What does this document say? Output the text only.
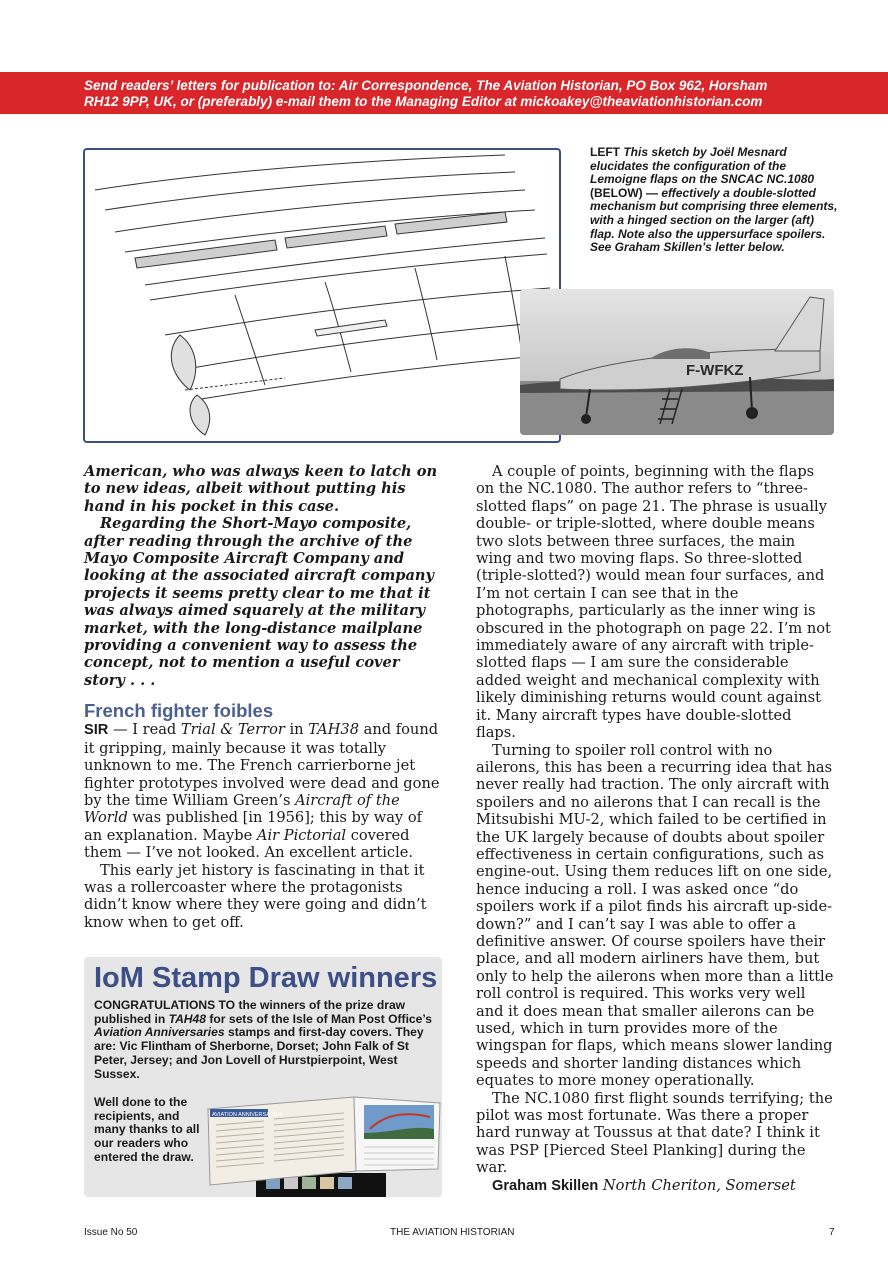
Send readers’ letters for publication to: Air Correspondence, The Aviation Historian, PO Box 962, Horsham
RH12 9PP, UK, or (preferably) e-mail them to the Managing Editor at mickoakey@theaviationhistorian.com
LEFT This sketch by Joël Mesnard elucidates the configuration of the Lemoigne flaps on the SNCAC NC.1080 (BELOW) — effectively a double-slotted mechanism but comprising three elements, with a hinged section on the larger (aft) flap. Note also the uppersurface spoilers. See Graham Skillen’s letter below.
F-WFKZ

American, who was always keen to latch on to new ideas, albeit without putting his hand in his pocket in this case.

Regarding the Short-Mayo composite, after reading through the archive of the Mayo Composite Aircraft Company and looking at the associated aircraft company projects it seems pretty clear to me that it was always aimed squarely at the military market, with the long-distance mailplane providing a convenient way to assess the concept, not to mention a useful cover story . . .

French fighter foibles

SIR — I read Trial & Terror in TAH38 and found it gripping, mainly because it was totally unknown to me. The French carrierborne jet fighter prototypes involved were dead and gone by the time William Green’s Aircraft of the World was published [in 1956]; this by way of an explanation. Maybe Air Pictorial covered them — I’ve not looked. An excellent article.

This early jet history is fascinating in that it was a rollercoaster where the protagonists didn’t know where they were going and didn’t know when to get off.

IoM Stamp Draw winners
CONGRATULATIONS TO the winners of the prize draw published in TAH48 for sets of the Isle of Man Post Office’s Aviation Anniversaries stamps and first-day covers. They are: Vic Flintham of Sherborne, Dorset; John Falk of St Peter, Jersey; and Jon Lovell of Hurstpierpoint, West Sussex.
Well done to the recipients, and many thanks to all our readers who entered the draw.
AVIATION ANNIVERSARIES

A couple of points, beginning with the flaps on the NC.1080. The author refers to “three-slotted flaps” on page 21. The phrase is usually double- or triple-slotted, where double means two slots between three surfaces, the main wing and two moving flaps. So three-slotted (triple-slotted?) would mean four surfaces, and I’m not certain I can see that in the photographs, particularly as the inner wing is obscured in the photograph on page 22. I’m not immediately aware of any aircraft with triple-slotted flaps — I am sure the considerable added weight and mechanical complexity with likely diminishing returns would count against it. Many aircraft types have double-slotted flaps.

Turning to spoiler roll control with no ailerons, this has been a recurring idea that has never really had traction. The only aircraft with spoilers and no ailerons that I can recall is the Mitsubishi MU-2, which failed to be certified in the UK largely because of doubts about spoiler effectiveness in certain configurations, such as engine-out. Using them reduces lift on one side, hence inducing a roll. I was asked once “do spoilers work if a pilot finds his aircraft up-side-down?” and I can’t say I was able to offer a definitive answer. Of course spoilers have their place, and all modern airliners have them, but only to help the ailerons when more than a little roll control is required. This works very well and it does mean that smaller ailerons can be used, which in turn provides more of the wingspan for flaps, which means slower landing speeds and shorter landing distances which equates to more money operationally.

The NC.1080 first flight sounds terrifying; the pilot was most fortunate. Was there a proper hard runway at Toussus at that date? I think it was PSP [Pierced Steel Planking] during the war.

Graham Skillen North Cheriton, Somerset

Issue No 50	THE AVIATION HISTORIAN	7
